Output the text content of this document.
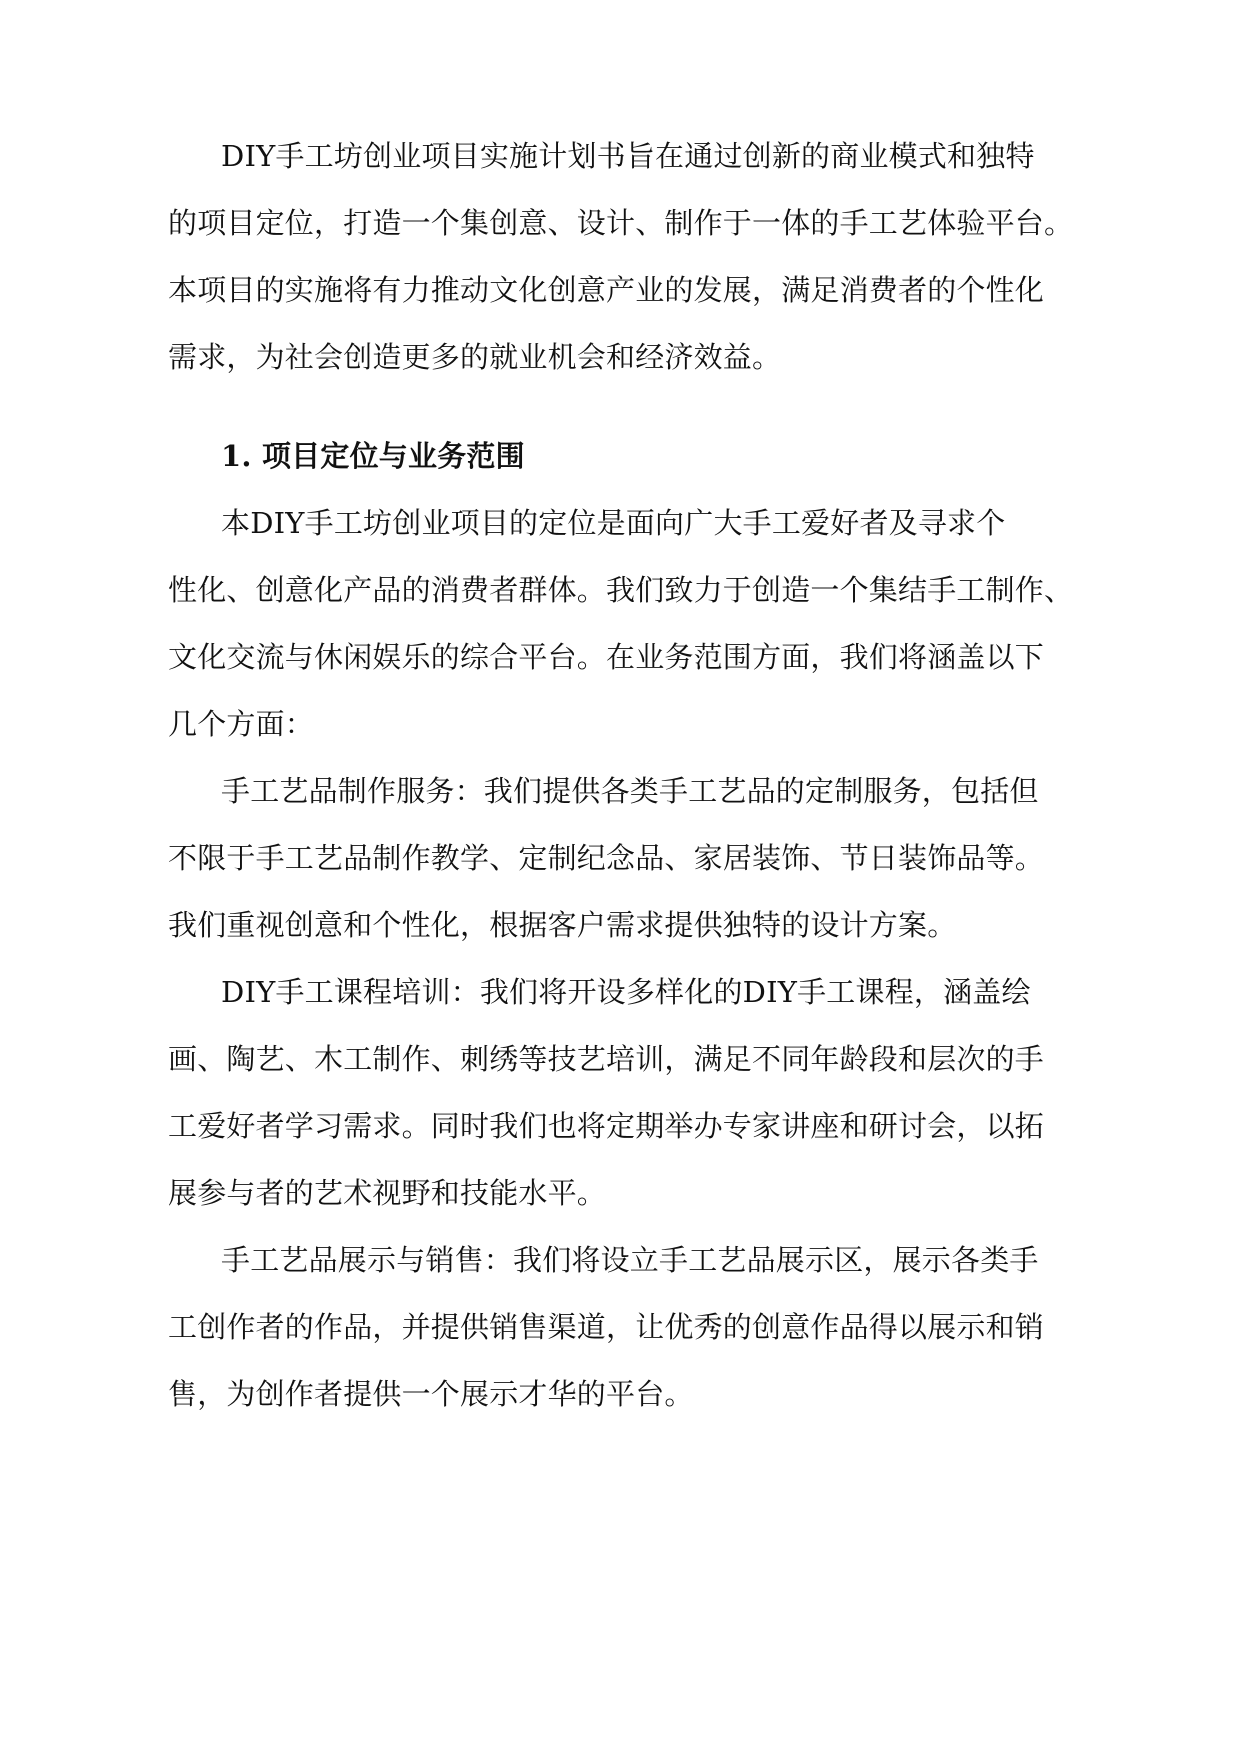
DIY手工坊创业项目实施计划书旨在通过创新的商业模式和独特

的项目定位，打造一个集创意、设计、制作于一体的手工艺体验平台。

本项目的实施将有力推动文化创意产业的发展，满足消费者的个性化

需求，为社会创造更多的就业机会和经济效益。

1. 项目定位与业务范围

本DIY手工坊创业项目的定位是面向广大手工爱好者及寻求个

性化、创意化产品的消费者群体。我们致力于创造一个集结手工制作、

文化交流与休闲娱乐的综合平台。在业务范围方面，我们将涵盖以下

几个方面：

手工艺品制作服务：我们提供各类手工艺品的定制服务，包括但

不限于手工艺品制作教学、定制纪念品、家居装饰、节日装饰品等。

我们重视创意和个性化，根据客户需求提供独特的设计方案。

DIY手工课程培训：我们将开设多样化的DIY手工课程，涵盖绘

画、陶艺、木工制作、刺绣等技艺培训，满足不同年龄段和层次的手

工爱好者学习需求。同时我们也将定期举办专家讲座和研讨会，以拓

展参与者的艺术视野和技能水平。

手工艺品展示与销售：我们将设立手工艺品展示区，展示各类手

工创作者的作品，并提供销售渠道，让优秀的创意作品得以展示和销

售，为创作者提供一个展示才华的平台。
